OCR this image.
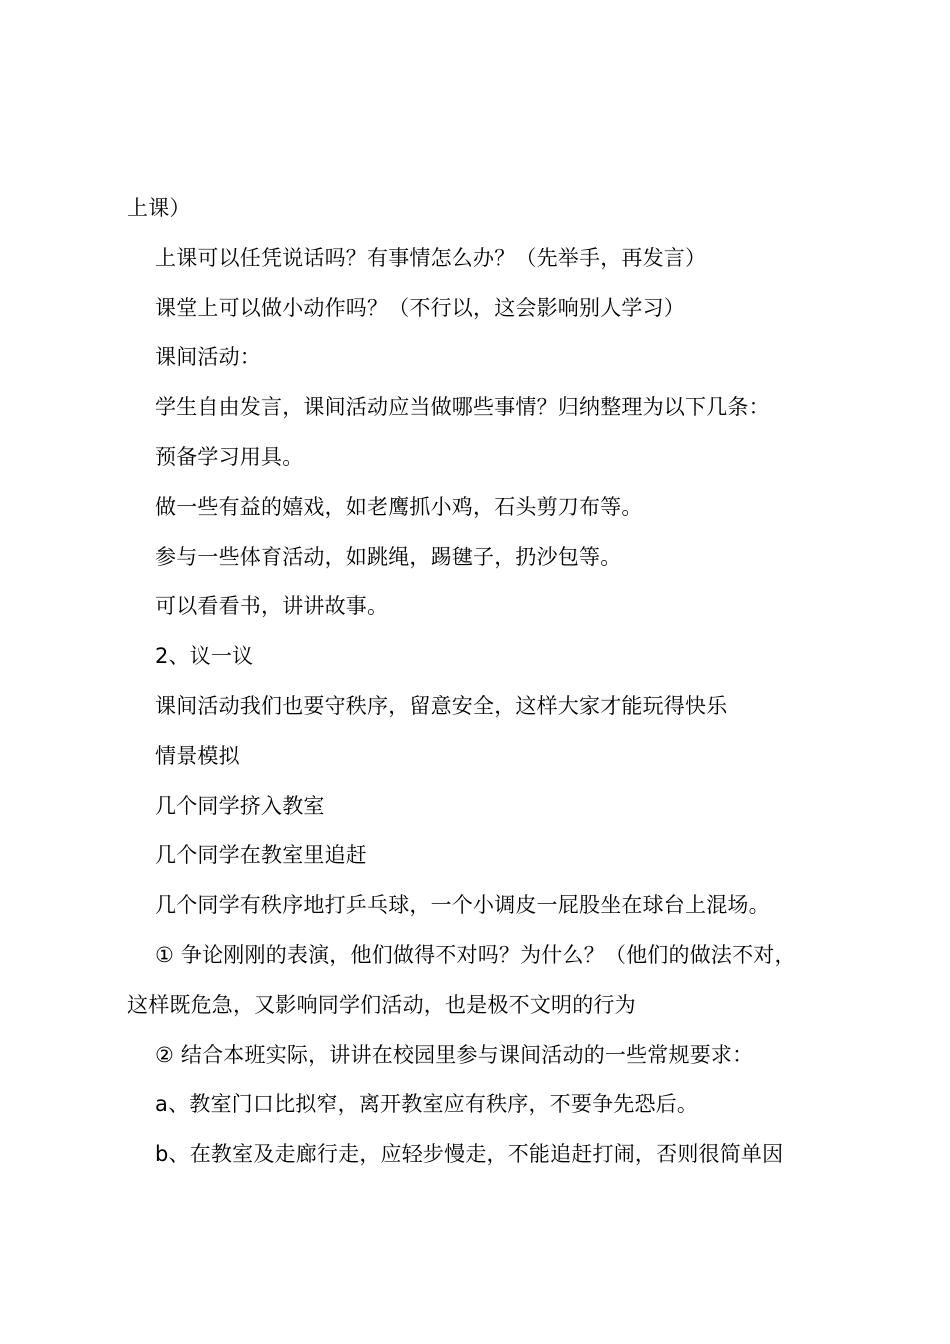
上课）
上课可以任凭说话吗？有事情怎么办？（先举手，再发言）
课堂上可以做小动作吗？（不行以，这会影响别人学习）
课间活动：
学生自由发言，课间活动应当做哪些事情？归纳整理为以下几条：
预备学习用具。
做一些有益的嬉戏，如老鹰抓小鸡，石头剪刀布等。
参与一些体育活动，如跳绳，踢毽子，扔沙包等。
可以看看书，讲讲故事。
2、议一议
课间活动我们也要守秩序，留意安全，这样大家才能玩得快乐
情景模拟
几个同学挤入教室
几个同学在教室里追赶
几个同学有秩序地打乒乓球，一个小调皮一屁股坐在球台上混场。
① 争论刚刚的表演，他们做得不对吗？为什么？（他们的做法不对，
这样既危急，又影响同学们活动，也是极不文明的行为
② 结合本班实际，讲讲在校园里参与课间活动的一些常规要求：
a、教室门口比拟窄，离开教室应有秩序，不要争先恐后。
b、在教室及走廊行走，应轻步慢走，不能追赶打闹，否则很简单因
